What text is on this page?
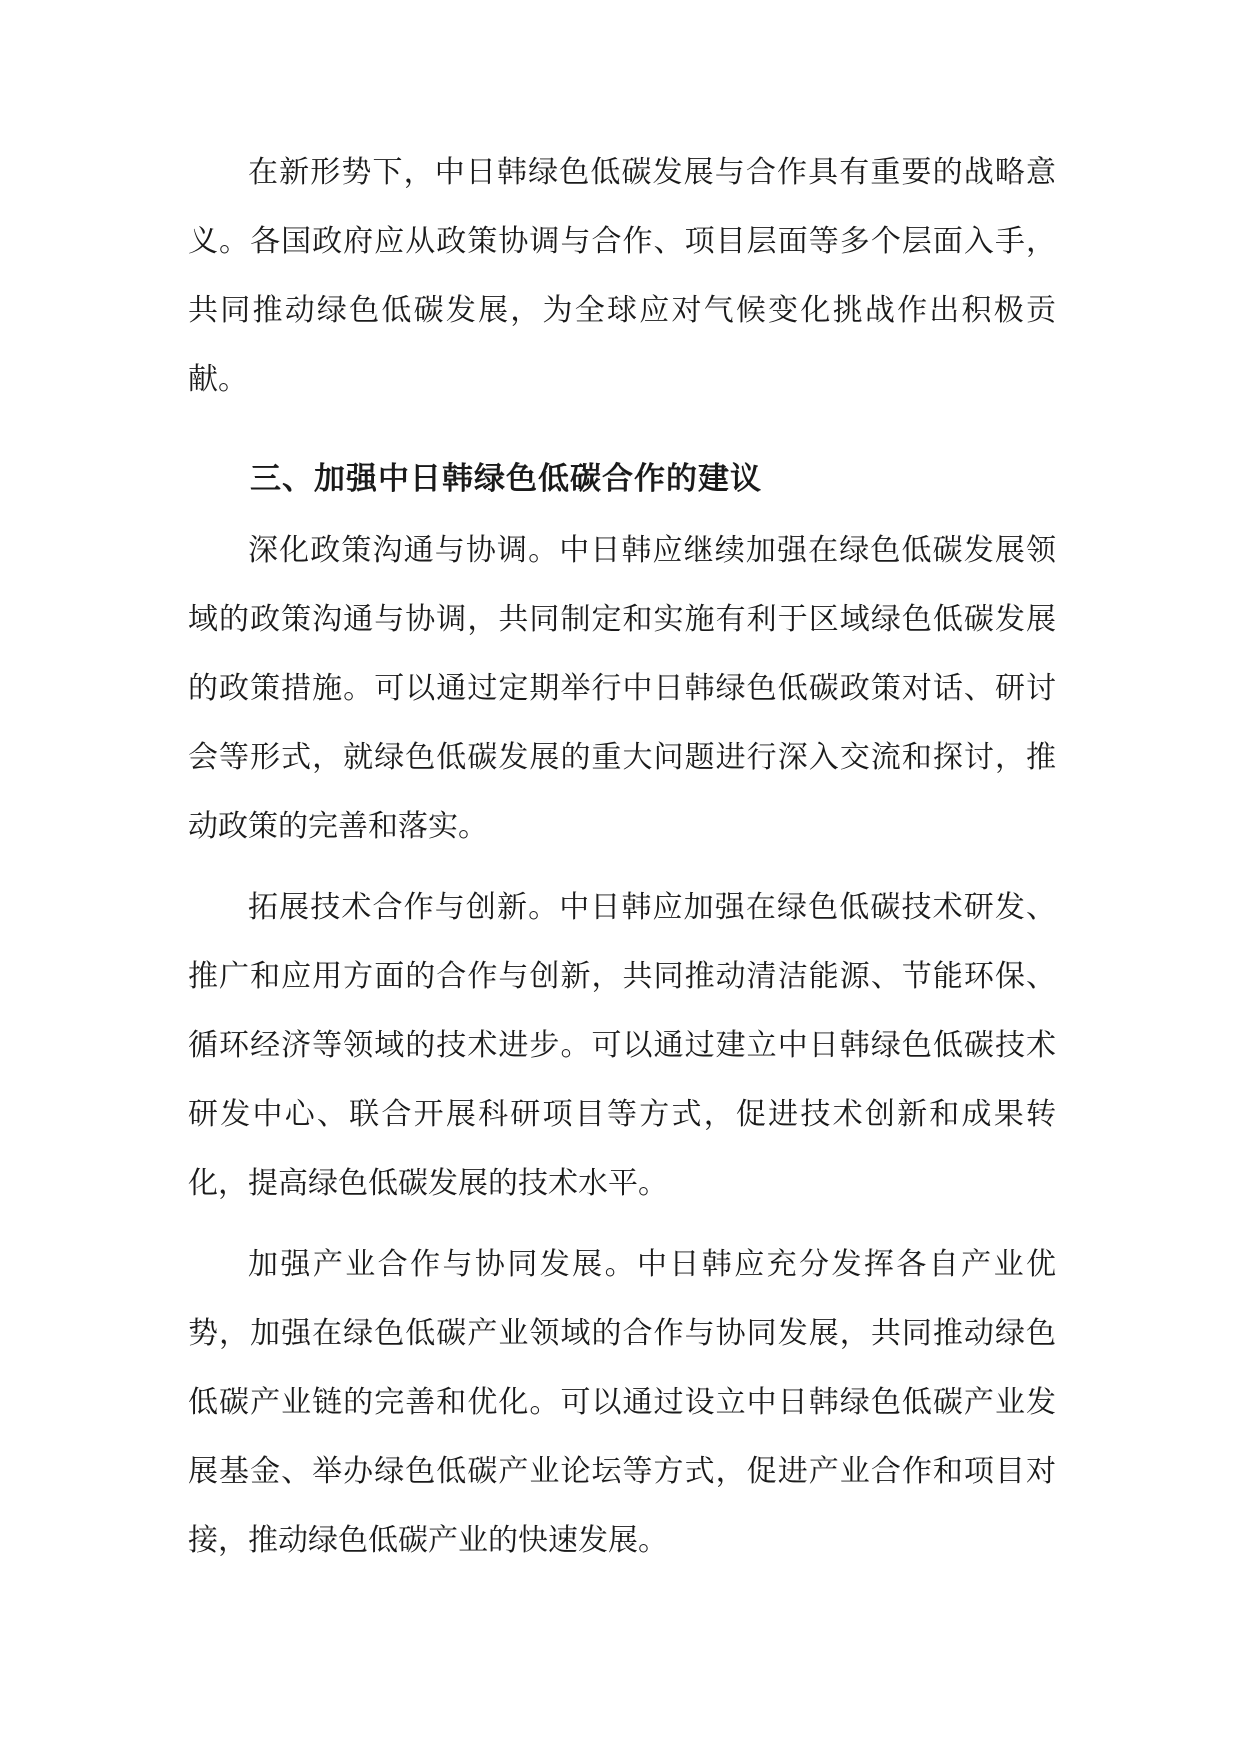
在新形势下，中日韩绿色低碳发展与合作具有重要的战略意义。各国政府应从政策协调与合作、项目层面等多个层面入手，共同推动绿色低碳发展，为全球应对气候变化挑战作出积极贡献。

三、加强中日韩绿色低碳合作的建议

深化政策沟通与协调。中日韩应继续加强在绿色低碳发展领域的政策沟通与协调，共同制定和实施有利于区域绿色低碳发展的政策措施。可以通过定期举行中日韩绿色低碳政策对话、研讨会等形式，就绿色低碳发展的重大问题进行深入交流和探讨，推动政策的完善和落实。

拓展技术合作与创新。中日韩应加强在绿色低碳技术研发、推广和应用方面的合作与创新，共同推动清洁能源、节能环保、循环经济等领域的技术进步。可以通过建立中日韩绿色低碳技术研发中心、联合开展科研项目等方式，促进技术创新和成果转化，提高绿色低碳发展的技术水平。

加强产业合作与协同发展。中日韩应充分发挥各自产业优势，加强在绿色低碳产业领域的合作与协同发展，共同推动绿色低碳产业链的完善和优化。可以通过设立中日韩绿色低碳产业发展基金、举办绿色低碳产业论坛等方式，促进产业合作和项目对接，推动绿色低碳产业的快速发展。
